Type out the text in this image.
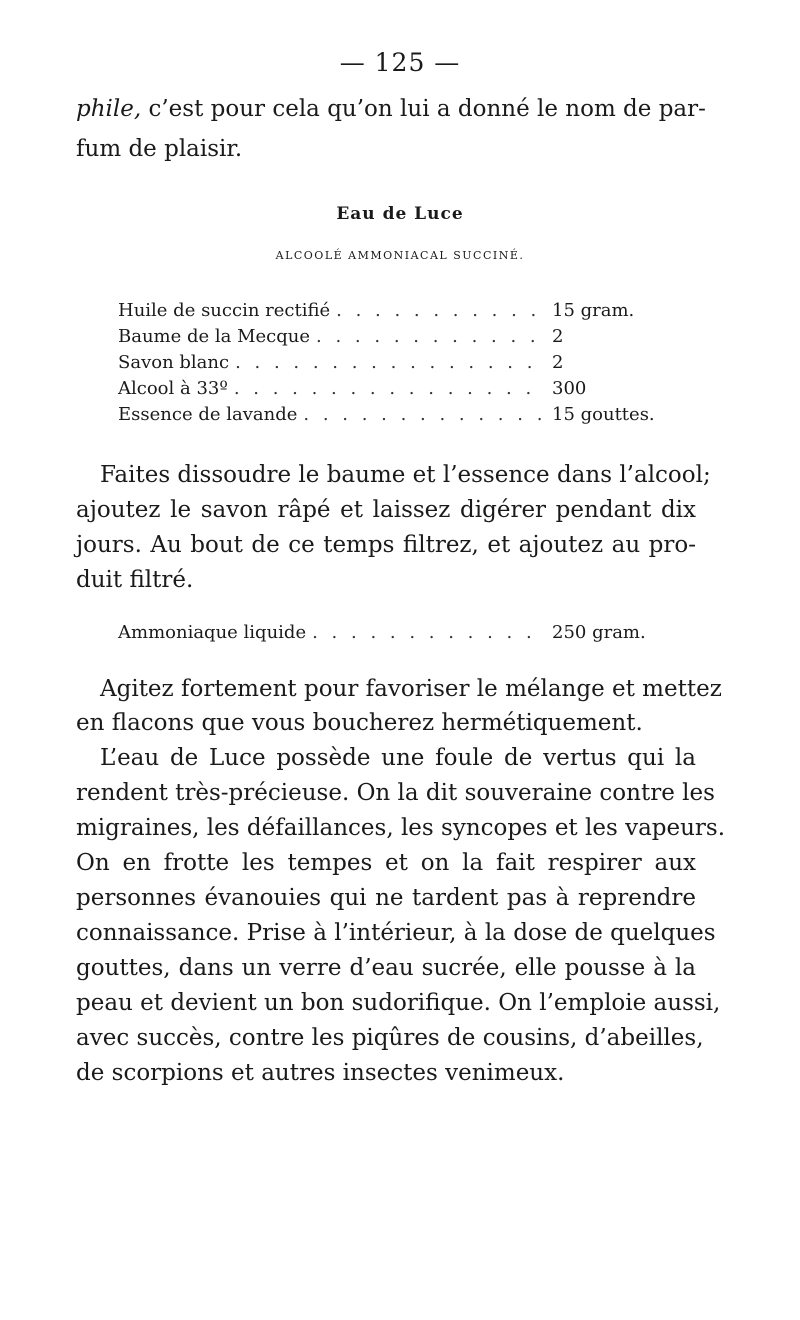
— 125 —
phile, c’est pour cela qu’on lui a donné le nom de par-
fum de plaisir.
Eau de Luce
ALCOOLÉ AMMONIACAL SUCCINÉ.
Huile de succin rectifié . . .	15 gram.
Baume de la Mecque . . .	2
Savon blanc . . .	2
Alcool à 33º . . .	300
Essence de lavande . . .	15 gouttes.
Faites dissoudre le baume et l’essence dans l’alcool;
ajoutez le savon râpé et laissez digérer pendant dix
jours. Au bout de ce temps filtrez, et ajoutez au pro-
duit filtré.
Ammoniaque liquide . . .	250 gram.
Agitez fortement pour favoriser le mélange et mettez
en flacons que vous boucherez hermétiquement.
L’eau de Luce possède une foule de vertus qui la
rendent très-précieuse. On la dit souveraine contre les
migraines, les défaillances, les syncopes et les vapeurs.
On en frotte les tempes et on la fait respirer aux
personnes évanouies qui ne tardent pas à reprendre
connaissance. Prise à l’intérieur, à la dose de quelques
gouttes, dans un verre d’eau sucrée, elle pousse à la
peau et devient un bon sudorifique. On l’emploie aussi,
avec succès, contre les piqûres de cousins, d’abeilles,
de scorpions et autres insectes venimeux.
